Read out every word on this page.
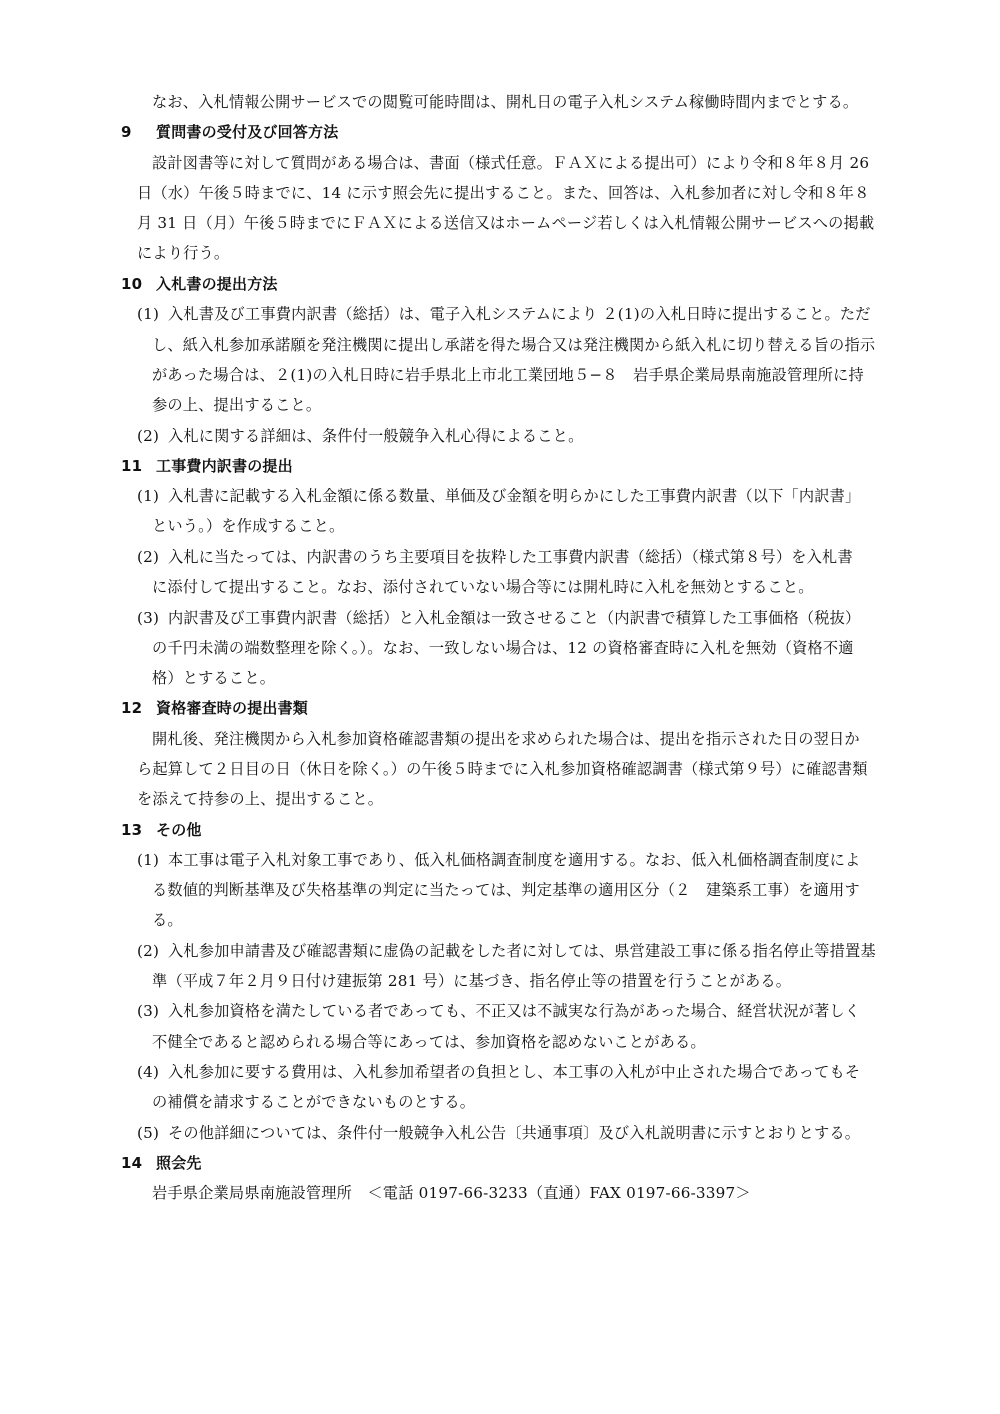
なお、入札情報公開サービスでの閲覧可能時間は、開札日の電子入札システム稼働時間内までとする。
9 質問書の受付及び回答方法
設計図書等に対して質問がある場合は、書面（様式任意。ＦＡＸによる提出可）により令和８年８月 26
日（水）午後５時までに、14 に示す照会先に提出すること。また、回答は、入札参加者に対し令和８年８
月 31 日（月）午後５時までにＦＡＸによる送信又はホームページ若しくは入札情報公開サービスへの掲載
により行う。
10 入札書の提出方法
(1) 入札書及び工事費内訳書（総括）は、電子入札システムにより ２(1)の入札日時に提出すること。ただ
し、紙入札参加承諾願を発注機関に提出し承諾を得た場合又は発注機関から紙入札に切り替える旨の指示
があった場合は、２(1)の入札日時に岩手県北上市北工業団地５−８　岩手県企業局県南施設管理所に持
参の上、提出すること。
(2) 入札に関する詳細は、条件付一般競争入札心得によること。
11 工事費内訳書の提出
(1) 入札書に記載する入札金額に係る数量、単価及び金額を明らかにした工事費内訳書（以下「内訳書」
という。）を作成すること。
(2) 入札に当たっては、内訳書のうち主要項目を抜粋した工事費内訳書（総括）（様式第８号）を入札書
に添付して提出すること。なお、添付されていない場合等には開札時に入札を無効とすること。
(3) 内訳書及び工事費内訳書（総括）と入札金額は一致させること（内訳書で積算した工事価格（税抜）
の千円未満の端数整理を除く。）。なお、一致しない場合は、12 の資格審査時に入札を無効（資格不適
格）とすること。
12 資格審査時の提出書類
開札後、発注機関から入札参加資格確認書類の提出を求められた場合は、提出を指示された日の翌日か
ら起算して２日目の日（休日を除く。）の午後５時までに入札参加資格確認調書（様式第９号）に確認書類
を添えて持参の上、提出すること。
13 その他
(1) 本工事は電子入札対象工事であり、低入札価格調査制度を適用する。なお、低入札価格調査制度によ
る数値的判断基準及び失格基準の判定に当たっては、判定基準の適用区分（２　建築系工事）を適用す
る。
(2) 入札参加申請書及び確認書類に虚偽の記載をした者に対しては、県営建設工事に係る指名停止等措置基
準（平成７年２月９日付け建振第 281 号）に基づき、指名停止等の措置を行うことがある。
(3) 入札参加資格を満たしている者であっても、不正又は不誠実な行為があった場合、経営状況が著しく
不健全であると認められる場合等にあっては、参加資格を認めないことがある。
(4) 入札参加に要する費用は、入札参加希望者の負担とし、本工事の入札が中止された場合であってもそ
の補償を請求することができないものとする。
(5) その他詳細については、条件付一般競争入札公告〔共通事項〕及び入札説明書に示すとおりとする。
14 照会先
岩手県企業局県南施設管理所　＜電話 0197-66-3233（直通）FAX 0197-66-3397＞
